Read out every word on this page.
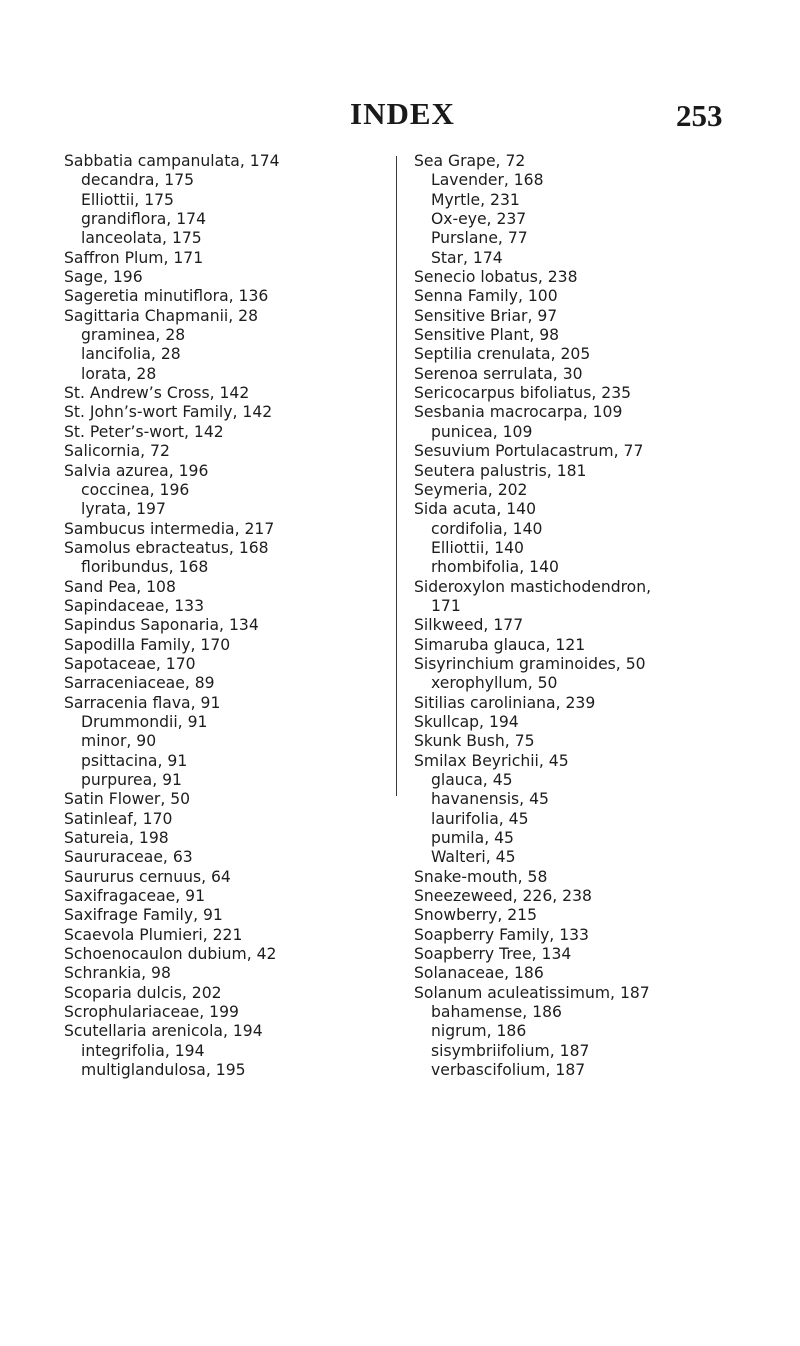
INDEX	253
Sabbatia campanulata, 174
decandra, 175
Elliottii, 175
grandiflora, 174
lanceolata, 175
Saffron Plum, 171
Sage, 196
Sageretia minutiflora, 136
Sagittaria Chapmanii, 28
graminea, 28
lancifolia, 28
lorata, 28
St. Andrew’s Cross, 142
St. John’s-wort Family, 142
St. Peter’s-wort, 142
Salicornia, 72
Salvia azurea, 196
coccinea, 196
lyrata, 197
Sambucus intermedia, 217
Samolus ebracteatus, 168
floribundus, 168
Sand Pea, 108
Sapindaceae, 133
Sapindus Saponaria, 134
Sapodilla Family, 170
Sapotaceae, 170
Sarraceniaceae, 89
Sarracenia flava, 91
Drummondii, 91
minor, 90
psittacina, 91
purpurea, 91
Satin Flower, 50
Satinleaf, 170
Satureia, 198
Saururaceae, 63
Saururus cernuus, 64
Saxifragaceae, 91
Saxifrage Family, 91
Scaevola Plumieri, 221
Schoenocaulon dubium, 42
Schrankia, 98
Scoparia dulcis, 202
Scrophulariaceae, 199
Scutellaria arenicola, 194
integrifolia, 194
multiglandulosa, 195
Sea Grape, 72
Lavender, 168
Myrtle, 231
Ox-eye, 237
Purslane, 77
Star, 174
Senecio lobatus, 238
Senna Family, 100
Sensitive Briar, 97
Sensitive Plant, 98
Septilia crenulata, 205
Serenoa serrulata, 30
Sericocarpus bifoliatus, 235
Sesbania macrocarpa, 109
punicea, 109
Sesuvium Portulacastrum, 77
Seutera palustris, 181
Seymeria, 202
Sida acuta, 140
cordifolia, 140
Elliottii, 140
rhombifolia, 140
Sideroxylon mastichodendron,
171
Silkweed, 177
Simaruba glauca, 121
Sisyrinchium graminoides, 50
xerophyllum, 50
Sitilias caroliniana, 239
Skullcap, 194
Skunk Bush, 75
Smilax Beyrichii, 45
glauca, 45
havanensis, 45
laurifolia, 45
pumila, 45
Walteri, 45
Snake-mouth, 58
Sneezeweed, 226, 238
Snowberry, 215
Soapberry Family, 133
Soapberry Tree, 134
Solanaceae, 186
Solanum aculeatissimum, 187
bahamense, 186
nigrum, 186
sisymbriifolium, 187
verbascifolium, 187
